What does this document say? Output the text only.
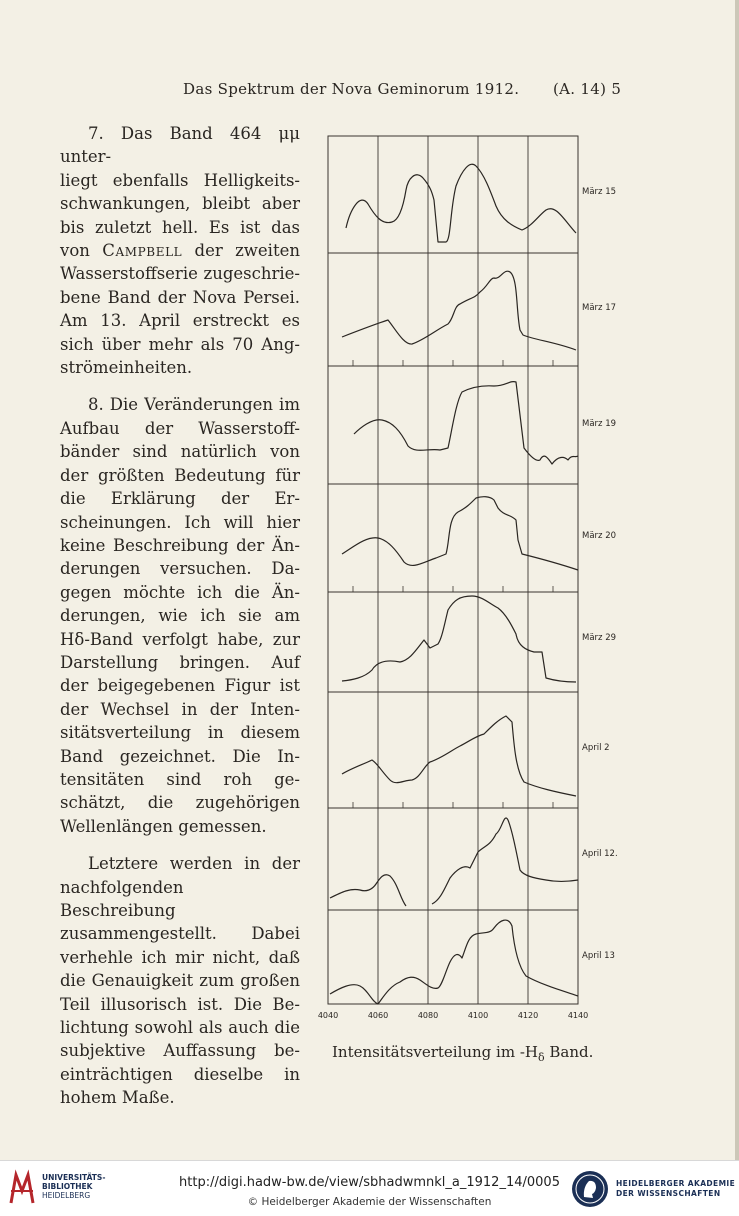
Das Spektrum der Nova Geminorum 1912. (A. 14) 5

7. Das Band 464 μμ unter-
liegt ebenfalls Helligkeits-
schwankungen, bleibt aber
bis zuletzt hell. Es ist das
von Campbell der zweiten
Wasserstoffserie zugeschrie-
bene Band der Nova Persei.
Am 13. April erstreckt es
sich über mehr als 70 Ang-
strömeinheiten.

8. Die Veränderungen im
Aufbau der Wasserstoff-
bänder sind natürlich von
der größten Bedeutung für
die Erklärung der Er-
scheinungen. Ich will hier
keine Beschreibung der Än-
derungen versuchen. Da-
gegen möchte ich die Än-
derungen, wie ich sie am
Hδ-Band verfolgt habe, zur
Darstellung bringen. Auf
der beigegebenen Figur ist
der Wechsel in der Inten-
sitätsverteilung in diesem
Band gezeichnet. Die In-
tensitäten sind roh ge-
schätzt, die zugehörigen
Wellenlängen gemessen.

Letztere werden in der
nachfolgenden Beschreibung
zusammengestellt. Dabei
verhehle ich mir nicht, daß
die Genauigkeit zum großen
Teil illusorisch ist. Die Be-
lichtung sowohl als auch die
subjektive Auffassung be-
einträchtigen dieselbe in
hohem Maße.

März 15
März 17
März 19
März 20
März 29
April 2
April 12.
April 13
4040	4060	4080	4100	4120	4140
Intensitätsverteilung im $-H_\delta$ Band.
UNIVERSITÄTS-
BIBLIOTHEK
HEIDELBERG
http://digi.hadw-bw.de/view/sbhadwmnkl_a_1912_14/0005
© Heidelberger Akademie der Wissenschaften
HEIDELBERGER AKADEMIE
DER WISSENSCHAFTEN
